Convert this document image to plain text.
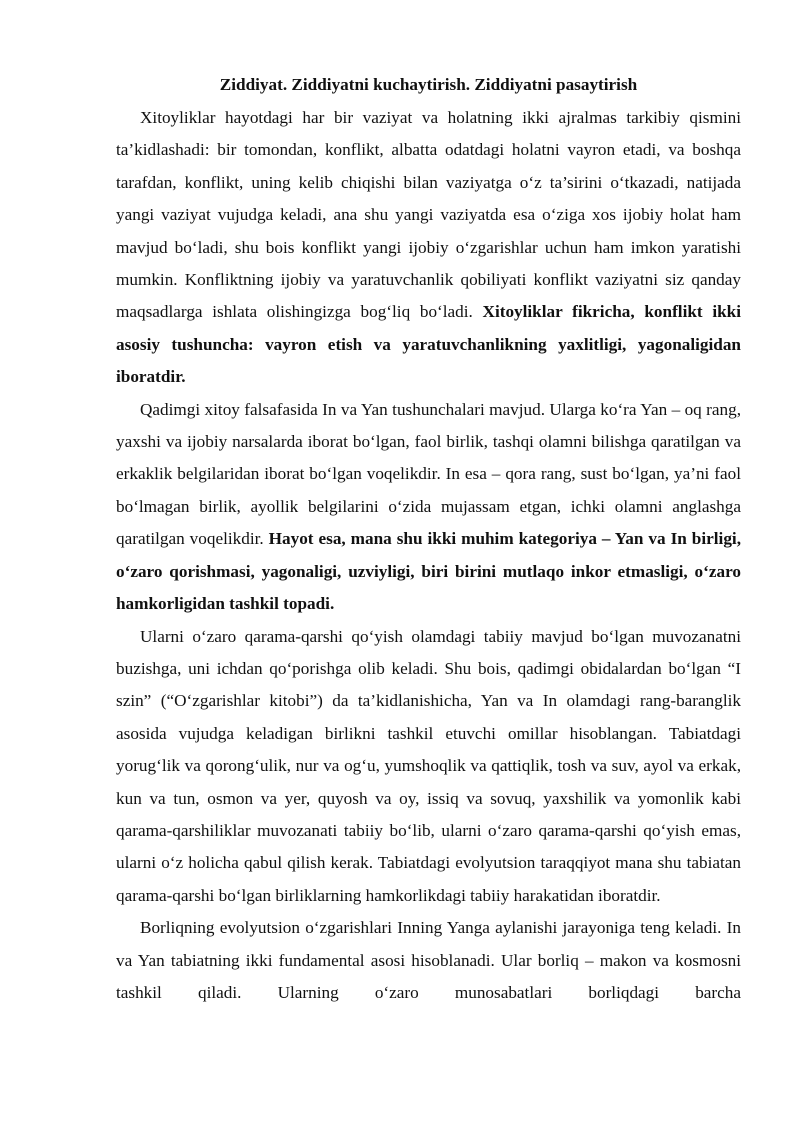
Ziddiyat. Ziddiyatni kuchaytirish. Ziddiyatni pasaytirish

Xitoyliklar hayotdagi har bir vaziyat va holatning ikki ajralmas tarkibiy qismini ta’kidlashadi: bir tomondan, konflikt, albatta odatdagi holatni vayron etadi, va boshqa tarafdan, konflikt, uning kelib chiqishi bilan vaziyatga o‘z ta’sirini o‘tkazadi, natijada yangi vaziyat vujudga keladi, ana shu yangi vaziyatda esa o‘ziga xos ijobiy holat ham mavjud bo‘ladi, shu bois konflikt yangi ijobiy o‘zgarishlar uchun ham imkon yaratishi mumkin. Konfliktning ijobiy va yaratuvchanlik qobiliyati konflikt vaziyatni siz qanday maqsadlarga ishlata olishingizga bog‘liq bo‘ladi. Xitoyliklar fikricha, konflikt ikki asosiy tushuncha: vayron etish va yaratuvchanlikning yaxlitligi, yagonaligidan iboratdir.

Qadimgi xitoy falsafasida In va Yan tushunchalari mavjud. Ularga ko‘ra Yan – oq rang, yaxshi va ijobiy narsalarda iborat bo‘lgan, faol birlik, tashqi olamni bilishga qaratilgan va erkaklik belgilaridan iborat bo‘lgan voqelikdir. In esa – qora rang, sust bo‘lgan, ya’ni faol bo‘lmagan birlik, ayollik belgilarini o‘zida mujassam etgan, ichki olamni anglashga qaratilgan voqelikdir. Hayot esa, mana shu ikki muhim kategoriya – Yan va In birligi, o‘zaro qorishmasi, yagonaligi, uzviyligi, biri birini mutlaqo inkor etmasligi, o‘zaro hamkorligidan tashkil topadi.

Ularni o‘zaro qarama-qarshi qo‘yish olamdagi tabiiy mavjud bo‘lgan muvozanatni buzishga, uni ichdan qo‘porishga olib keladi. Shu bois, qadimgi obidalardan bo‘lgan “I szin” (“O‘zgarishlar kitobi”) da ta’kidlanishicha, Yan va In olamdagi rang-baranglik asosida vujudga keladigan birlikni tashkil etuvchi omillar hisoblangan. Tabiatdagi yorug‘lik va qorong‘ulik, nur va og‘u, yumshoqlik va qattiqlik, tosh va suv, ayol va erkak, kun va tun, osmon va yer, quyosh va oy, issiq va sovuq, yaxshilik va yomonlik kabi qarama-qarshiliklar muvozanati tabiiy bo‘lib, ularni o‘zaro qarama-qarshi qo‘yish emas, ularni o‘z holicha qabul qilish kerak. Tabiatdagi evolyutsion taraqqiyot mana shu tabiatan qarama-qarshi bo‘lgan birliklarning hamkorlikdagi tabiiy harakatidan iboratdir.

Borliqning evolyutsion o‘zgarishlari Inning Yanga aylanishi jarayoniga teng keladi. In va Yan tabiatning ikki fundamental asosi hisoblanadi. Ular borliq – makon va kosmosni tashkil qiladi. Ularning o‘zaro munosabatlari borliqdagi barcha
